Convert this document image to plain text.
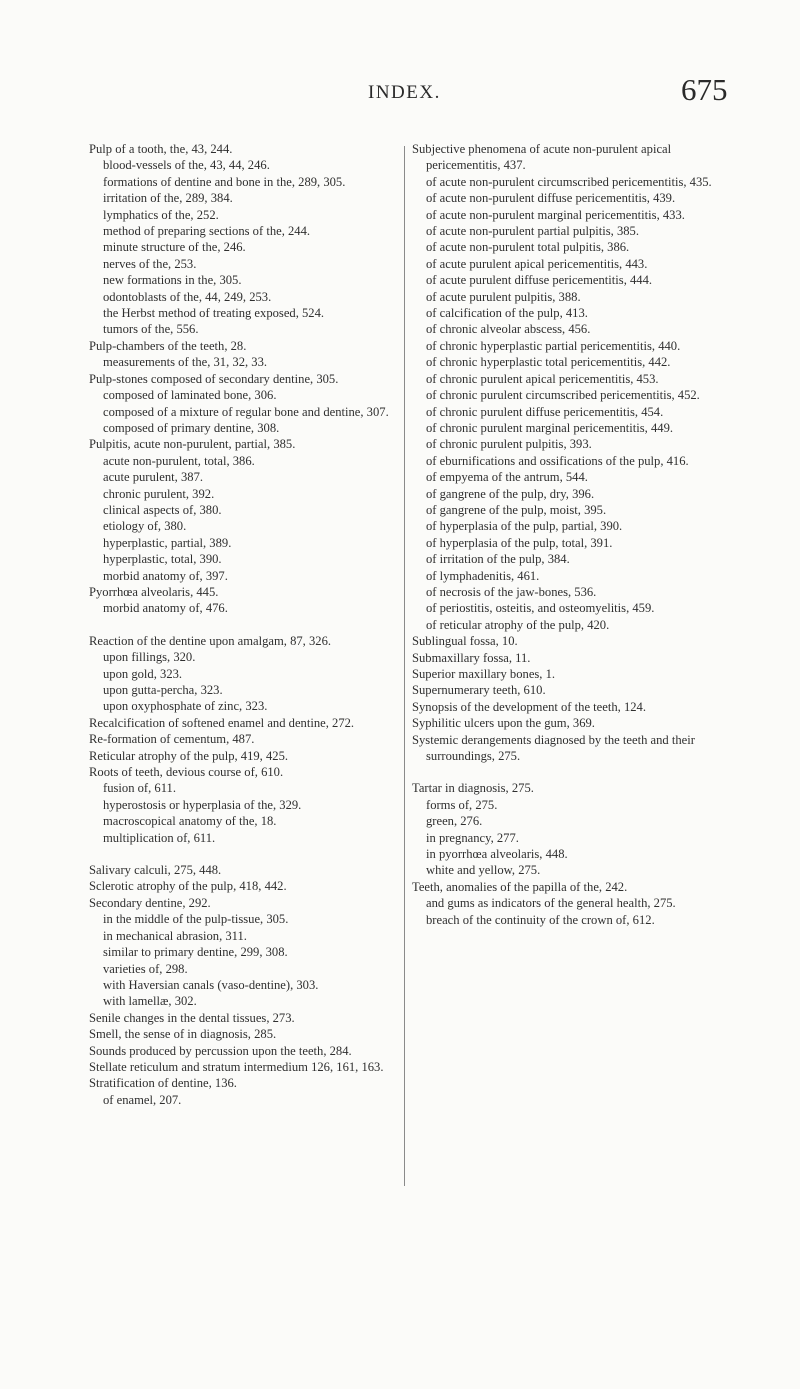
INDEX.	675
Pulp of a tooth, the, 43, 244.
blood-vessels of the, 43, 44, 246.
formations of dentine and bone in the, 289, 305.
irritation of the, 289, 384.
lymphatics of the, 252.
method of preparing sections of the, 244.
minute structure of the, 246.
nerves of the, 253.
new formations in the, 305.
odontoblasts of the, 44, 249, 253.
the Herbst method of treating exposed, 524.
tumors of the, 556.
Pulp-chambers of the teeth, 28.
measurements of the, 31, 32, 33.
Pulp-stones composed of secondary dentine, 305.
composed of laminated bone, 306.
composed of a mixture of regular bone and dentine, 307.
composed of primary dentine, 308.
Pulpitis, acute non-purulent, partial, 385.
acute non-purulent, total, 386.
acute purulent, 387.
chronic purulent, 392.
clinical aspects of, 380.
etiology of, 380.
hyperplastic, partial, 389.
hyperplastic, total, 390.
morbid anatomy of, 397.
Pyorrhœa alveolaris, 445.
morbid anatomy of, 476.
Reaction of the dentine upon amalgam, 87, 326.
upon fillings, 320.
upon gold, 323.
upon gutta-percha, 323.
upon oxyphosphate of zinc, 323.
Recalcification of softened enamel and dentine, 272.
Re-formation of cementum, 487.
Reticular atrophy of the pulp, 419, 425.
Roots of teeth, devious course of, 610.
fusion of, 611.
hyperostosis or hyperplasia of the, 329.
macroscopical anatomy of the, 18.
multiplication of, 611.
Salivary calculi, 275, 448.
Sclerotic atrophy of the pulp, 418, 442.
Secondary dentine, 292.
in the middle of the pulp-tissue, 305.
in mechanical abrasion, 311.
similar to primary dentine, 299, 308.
varieties of, 298.
with Haversian canals (vaso-dentine), 303.
with lamellæ, 302.
Senile changes in the dental tissues, 273.
Smell, the sense of in diagnosis, 285.
Sounds produced by percussion upon the teeth, 284.
Stellate reticulum and stratum intermedium 126, 161, 163.
Stratification of dentine, 136.
of enamel, 207.
Subjective phenomena of acute non-purulent apical pericementitis, 437.
of acute non-purulent circumscribed pericementitis, 435.
of acute non-purulent diffuse pericementitis, 439.
of acute non-purulent marginal pericementitis, 433.
of acute non-purulent partial pulpitis, 385.
of acute non-purulent total pulpitis, 386.
of acute purulent apical pericementitis, 443.
of acute purulent diffuse pericementitis, 444.
of acute purulent pulpitis, 388.
of calcification of the pulp, 413.
of chronic alveolar abscess, 456.
of chronic hyperplastic partial pericementitis, 440.
of chronic hyperplastic total pericementitis, 442.
of chronic purulent apical pericementitis, 453.
of chronic purulent circumscribed pericementitis, 452.
of chronic purulent diffuse pericementitis, 454.
of chronic purulent marginal pericementitis, 449.
of chronic purulent pulpitis, 393.
of eburnifications and ossifications of the pulp, 416.
of empyema of the antrum, 544.
of gangrene of the pulp, dry, 396.
of gangrene of the pulp, moist, 395.
of hyperplasia of the pulp, partial, 390.
of hyperplasia of the pulp, total, 391.
of irritation of the pulp, 384.
of lymphadenitis, 461.
of necrosis of the jaw-bones, 536.
of periostitis, osteitis, and osteomyelitis, 459.
of reticular atrophy of the pulp, 420.
Sublingual fossa, 10.
Submaxillary fossa, 11.
Superior maxillary bones, 1.
Supernumerary teeth, 610.
Synopsis of the development of the teeth, 124.
Syphilitic ulcers upon the gum, 369.
Systemic derangements diagnosed by the teeth and their surroundings, 275.
Tartar in diagnosis, 275.
forms of, 275.
green, 276.
in pregnancy, 277.
in pyorrhœa alveolaris, 448.
white and yellow, 275.
Teeth, anomalies of the papilla of the, 242.
and gums as indicators of the general health, 275.
breach of the continuity of the crown of, 612.
